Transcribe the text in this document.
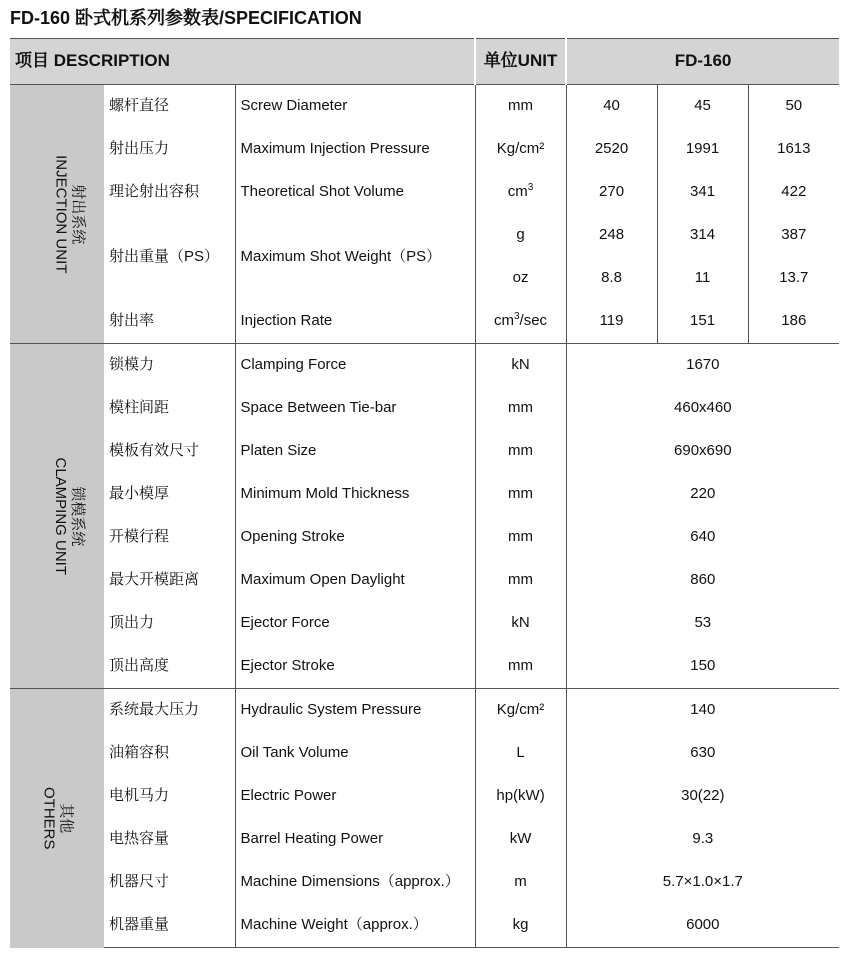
FD-160 卧式机系列参数表/SPECIFICATION
项目 DESCRIPTION			单位UNIT	FD-160		

射出系统
INJECTION UNIT	螺杆直径	Screw Diameter	mm	40	45	50
	射出压力	Maximum Injection Pressure	Kg/cm²	2520	1991	1613
	理论射出容积	Theoretical Shot Volume	$cm^3$	270	341	422
	射出重量（PS）	Maximum Shot Weight（PS）	g	248	314	387
			oz	8.8	11	13.7
	射出率	Injection Rate	$cm^3/\sec$	119	151	186

锁模系统
CLAMPING UNIT	锁模力	Clamping Force	kN	1670		
	模柱间距	Space Between Tie-bar	mm	460x460		
	模板有效尺寸	Platen Size	mm	690x690		
	最小模厚	Minimum Mold Thickness	mm	220		
	开模行程	Opening Stroke	mm	640		
	最大开模距离	Maximum Open Daylight	mm	860		
	顶出力	Ejector Force	kN	53		
	顶出高度	Ejector Stroke	mm	150		

其他
OTHERS	系统最大压力	Hydraulic System Pressure	Kg/cm²	140		
	油箱容积	Oil Tank Volume	L	630		
	电机马力	Electric Power	hp(kW)	30(22)		
	电热容量	Barrel Heating Power	kW	9.3		
	机器尺寸	Machine Dimensions（approx.）	m	5.7×1.0×1.7		
	机器重量	Machine Weight（approx.）	kg	6000		
